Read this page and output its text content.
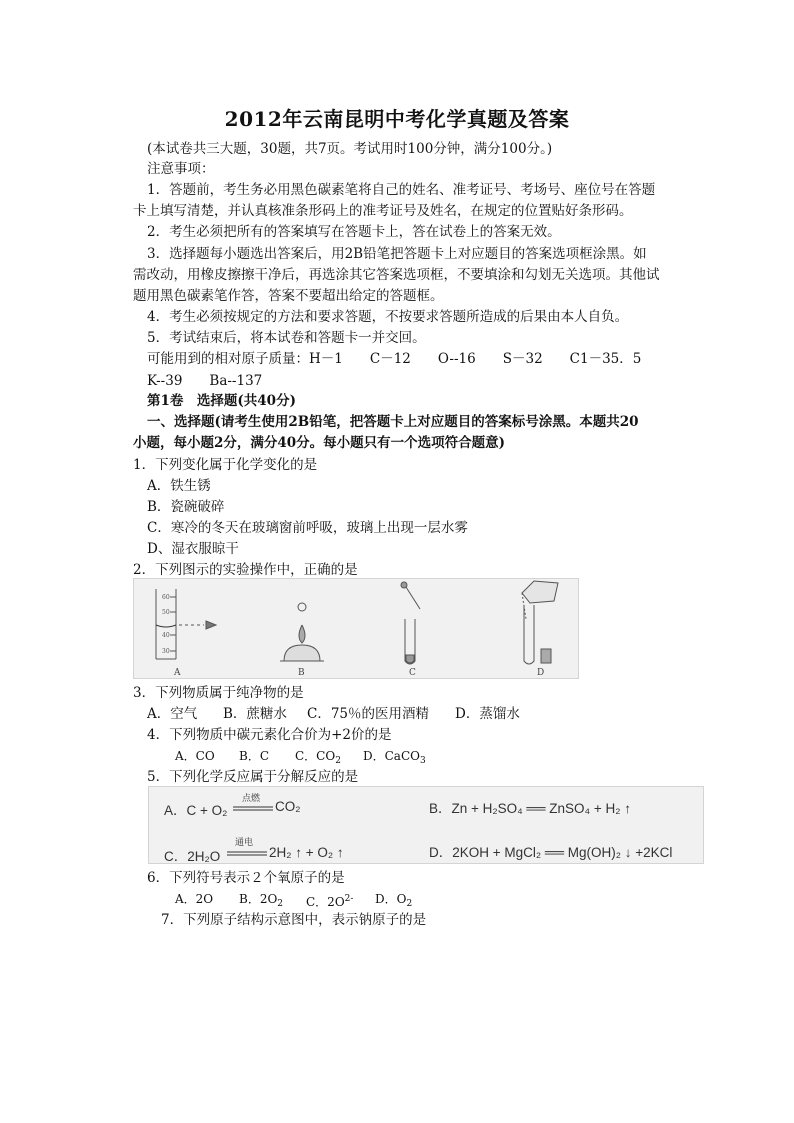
2012年云南昆明中考化学真题及答案
(本试卷共三大题，30题，共7页。考试用时100分钟，满分100分。)
注意事项：
1．答题前，考生务必用黑色碳素笔将自己的姓名、准考证号、考场号、座位号在答题
卡上填写清楚，并认真核准条形码上的准考证号及姓名，在规定的位置贴好条形码。
2．考生必须把所有的答案填写在答题卡上，答在试卷上的答案无效。
3．选择题每小题选出答案后，用2B铅笔把答题卡上对应题目的答案选项框涂黑。如
需改动，用橡皮擦擦干净后，再选涂其它答案选项框，不要填涂和勾划无关选项。其他试
题用黑色碳素笔作答，答案不要超出给定的答题框。
4．考生必须按规定的方法和要求答题，不按要求答题所造成的后果由本人自负。
5．考试结束后，将本试卷和答题卡一并交回。
可能用到的相对原子质量：H－1　　C－12　　O--16　　S－32　　C1－35．5
K--39　　Ba--137
第1卷　选择题(共40分)
一、选择题(请考生使用2B铅笔，把答题卡上对应题目的答案标号涂黑。本题共20
小题，每小题2分，满分40分。每小题只有一个选项符合题意)
1．下列变化属于化学变化的是
A．铁生锈
B．瓷碗破碎
C．寒冷的冬天在玻璃窗前呼吸，玻璃上出现一层水雾
D、湿衣服晾干
2．下列图示的实验操作中，正确的是
60
50
40
30
A	B	C	D
3．下列物质属于纯净物的是
A．空气 B．蔗糖水 C．75％的医用酒精 D．蒸馏水
4．下列物质中碳元素化合价为+2价的是
A．CO B．C C．$CO_2$ D．CaCO$_3$
5．下列化学反应属于分解反应的是
A．C + O₂
点燃 CO₂	B．Zn + H₂SO₄ ══ ZnSO₄ + H₂ ↑
C．2H₂O
通电
2H₂ ↑ + O₂ ↑	D．2KOH + MgCl₂ ══ Mg(OH)₂ ↓ +2KCl
6．下列符号表示２个氧原子的是
A．2O B．$2O_2$ C．$2O^{2-}$ D．$O_2$
7．下列原子结构示意图中，表示钠原子的是
